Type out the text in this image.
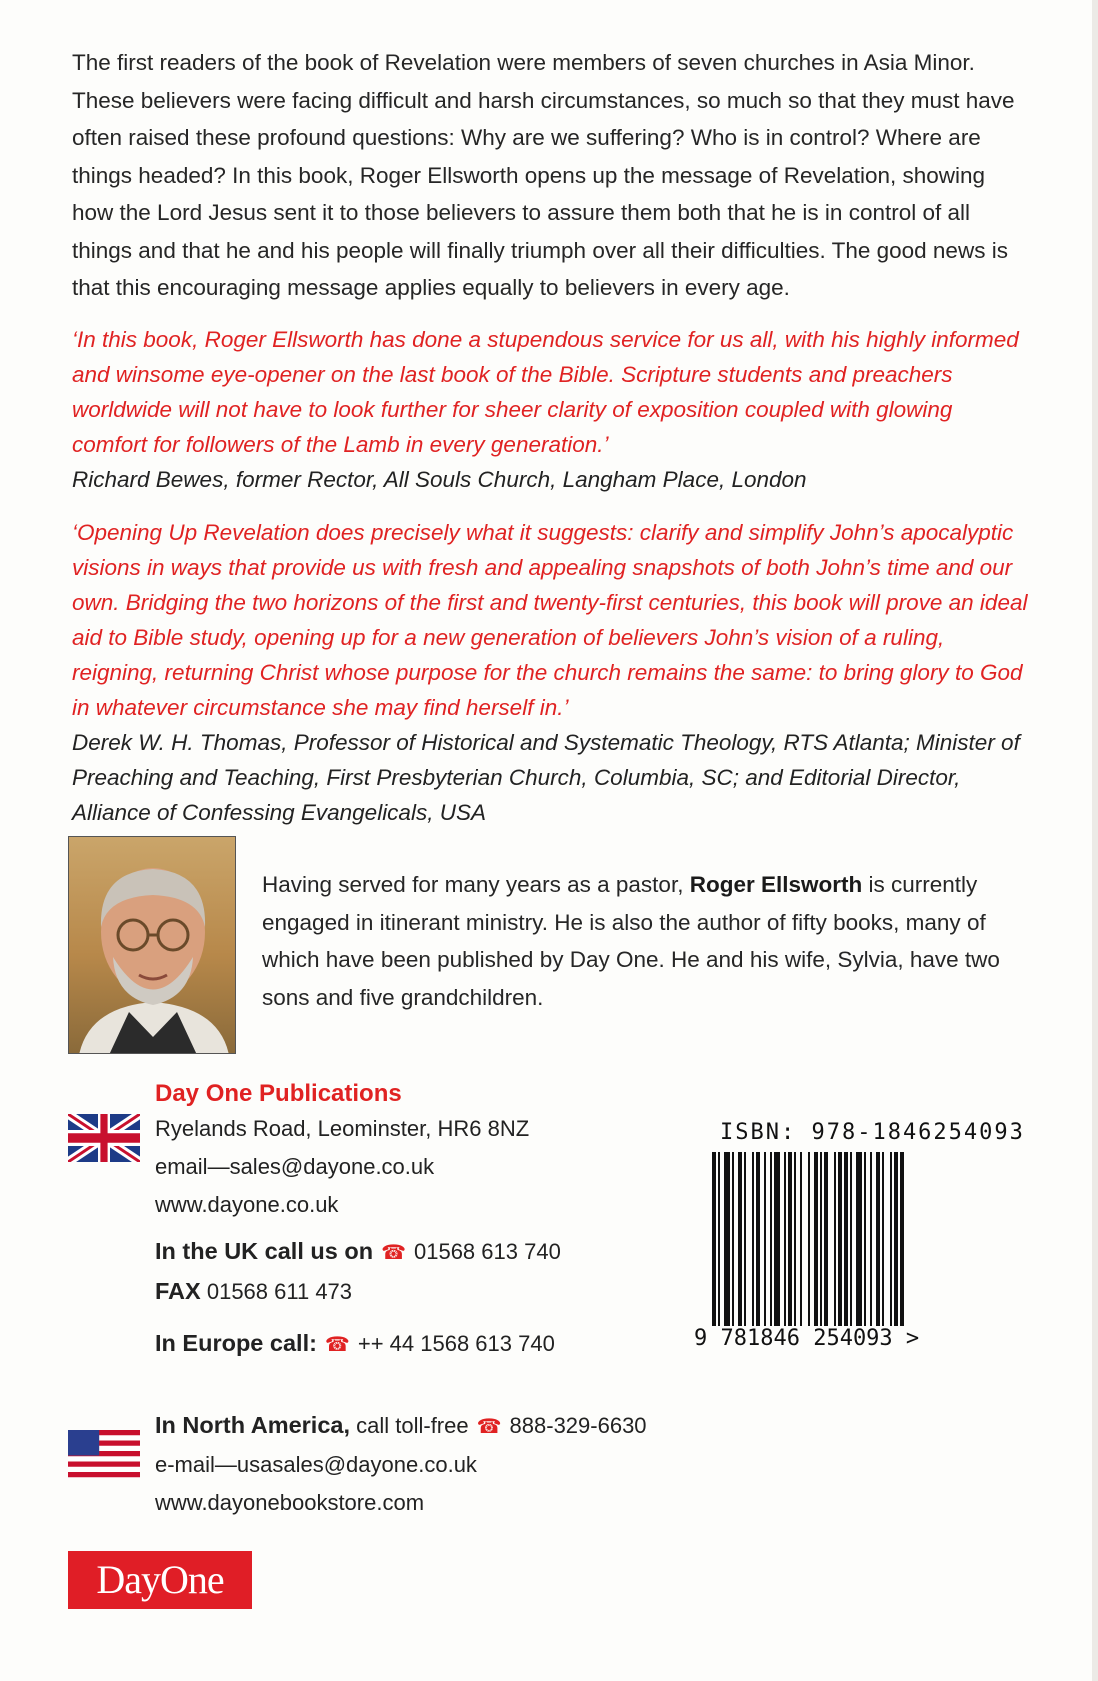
The first readers of the book of Revelation were members of seven churches in Asia Minor. These believers were facing difficult and harsh circumstances, so much so that they must have often raised these profound questions: Why are we suffering? Who is in control? Where are things headed? In this book, Roger Ellsworth opens up the message of Revelation, showing how the Lord Jesus sent it to those believers to assure them both that he is in control of all things and that he and his people will finally triumph over all their difficulties. The good news is that this encouraging message applies equally to believers in every age.

‘In this book, Roger Ellsworth has done a stupendous service for us all, with his highly informed and winsome eye-opener on the last book of the Bible. Scripture students and preachers worldwide will not have to look further for sheer clarity of exposition coupled with glowing comfort for followers of the Lamb in every generation.’

Richard Bewes, former Rector, All Souls Church, Langham Place, London

‘Opening Up Revelation does precisely what it suggests: clarify and simplify John’s apocalyptic visions in ways that provide us with fresh and appealing snapshots of both John’s time and our own. Bridging the two horizons of the first and twenty-first centuries, this book will prove an ideal aid to Bible study, opening up for a new generation of believers John’s vision of a ruling, reigning, returning Christ whose purpose for the church remains the same: to bring glory to God in whatever circumstance she may find herself in.’

Derek W. H. Thomas, Professor of Historical and Systematic Theology, RTS Atlanta; Minister of Preaching and Teaching, First Presbyterian Church, Columbia, SC; and Editorial Director, Alliance of Confessing Evangelicals, USA

Having served for many years as a pastor, Roger Ellsworth is currently engaged in itinerant ministry. He is also the author of fifty books, many of which have been published by Day One. He and his wife, Sylvia, have two sons and five grandchildren.

Day One Publications
Ryelands Road, Leominster, HR6 8NZ
email—sales@dayone.co.uk
www.dayone.co.uk
In the UK call us on ☎ 01568 613 740
FAX 01568 611 473
In Europe call: ☎ ++ 44 1568 613 740
In North America, call toll-free ☎ 888-329-6630
e-mail—usasales@dayone.co.uk
www.dayonebookstore.com
ISBN: 978-1846254093
9 781846 254093 >
DayOne
